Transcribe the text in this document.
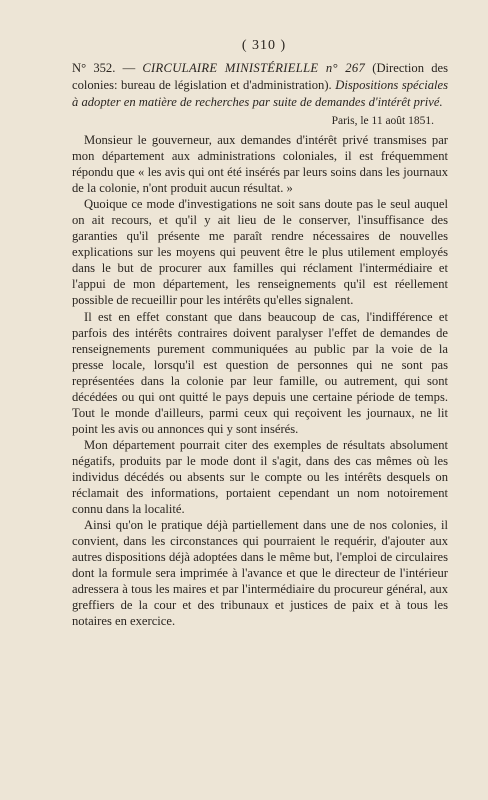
( 310 )

N° 352. — CIRCULAIRE MINISTÉRIELLE n° 267 (Direction des colonies: bureau de législation et d'administration). Dispositions spéciales à adopter en matière de recherches par suite de demandes d'intérêt privé.

Paris, le 11 août 1851.

Monsieur le gouverneur, aux demandes d'intérêt privé transmises par mon département aux administrations coloniales, il est fréquemment répondu que « les avis qui ont été insérés par leurs soins dans les journaux de la colonie, n'ont produit aucun résultat. »

Quoique ce mode d'investigations ne soit sans doute pas le seul auquel on ait recours, et qu'il y ait lieu de le conserver, l'insuffisance des garanties qu'il présente me paraît rendre nécessaires de nouvelles explications sur les moyens qui peuvent être le plus utilement employés dans le but de procurer aux familles qui réclament l'intermédiaire et l'appui de mon département, les renseignements qu'il est réellement possible de recueillir pour les intérêts qu'elles signalent.

Il est en effet constant que dans beaucoup de cas, l'indifférence et parfois des intérêts contraires doivent paralyser l'effet de demandes de renseignements purement communiquées au public par la voie de la presse locale, lorsqu'il est question de personnes qui ne sont pas représentées dans la colonie par leur famille, ou autrement, qui sont décédées ou qui ont quitté le pays depuis une certaine période de temps. Tout le monde d'ailleurs, parmi ceux qui reçoivent les journaux, ne lit point les avis ou annonces qui y sont insérés.

Mon département pourrait citer des exemples de résultats absolument négatifs, produits par le mode dont il s'agit, dans des cas mêmes où les individus décédés ou absents sur le compte ou les intérêts desquels on réclamait des informations, portaient cependant un nom notoirement connu dans la localité.

Ainsi qu'on le pratique déjà partiellement dans une de nos colonies, il convient, dans les circonstances qui pourraient le requérir, d'ajouter aux autres dispositions déjà adoptées dans le même but, l'emploi de circulaires dont la formule sera imprimée à l'avance et que le directeur de l'intérieur adressera à tous les maires et par l'intermédiaire du procureur général, aux greffiers de la cour et des tribunaux et justices de paix et à tous les notaires en exercice.
